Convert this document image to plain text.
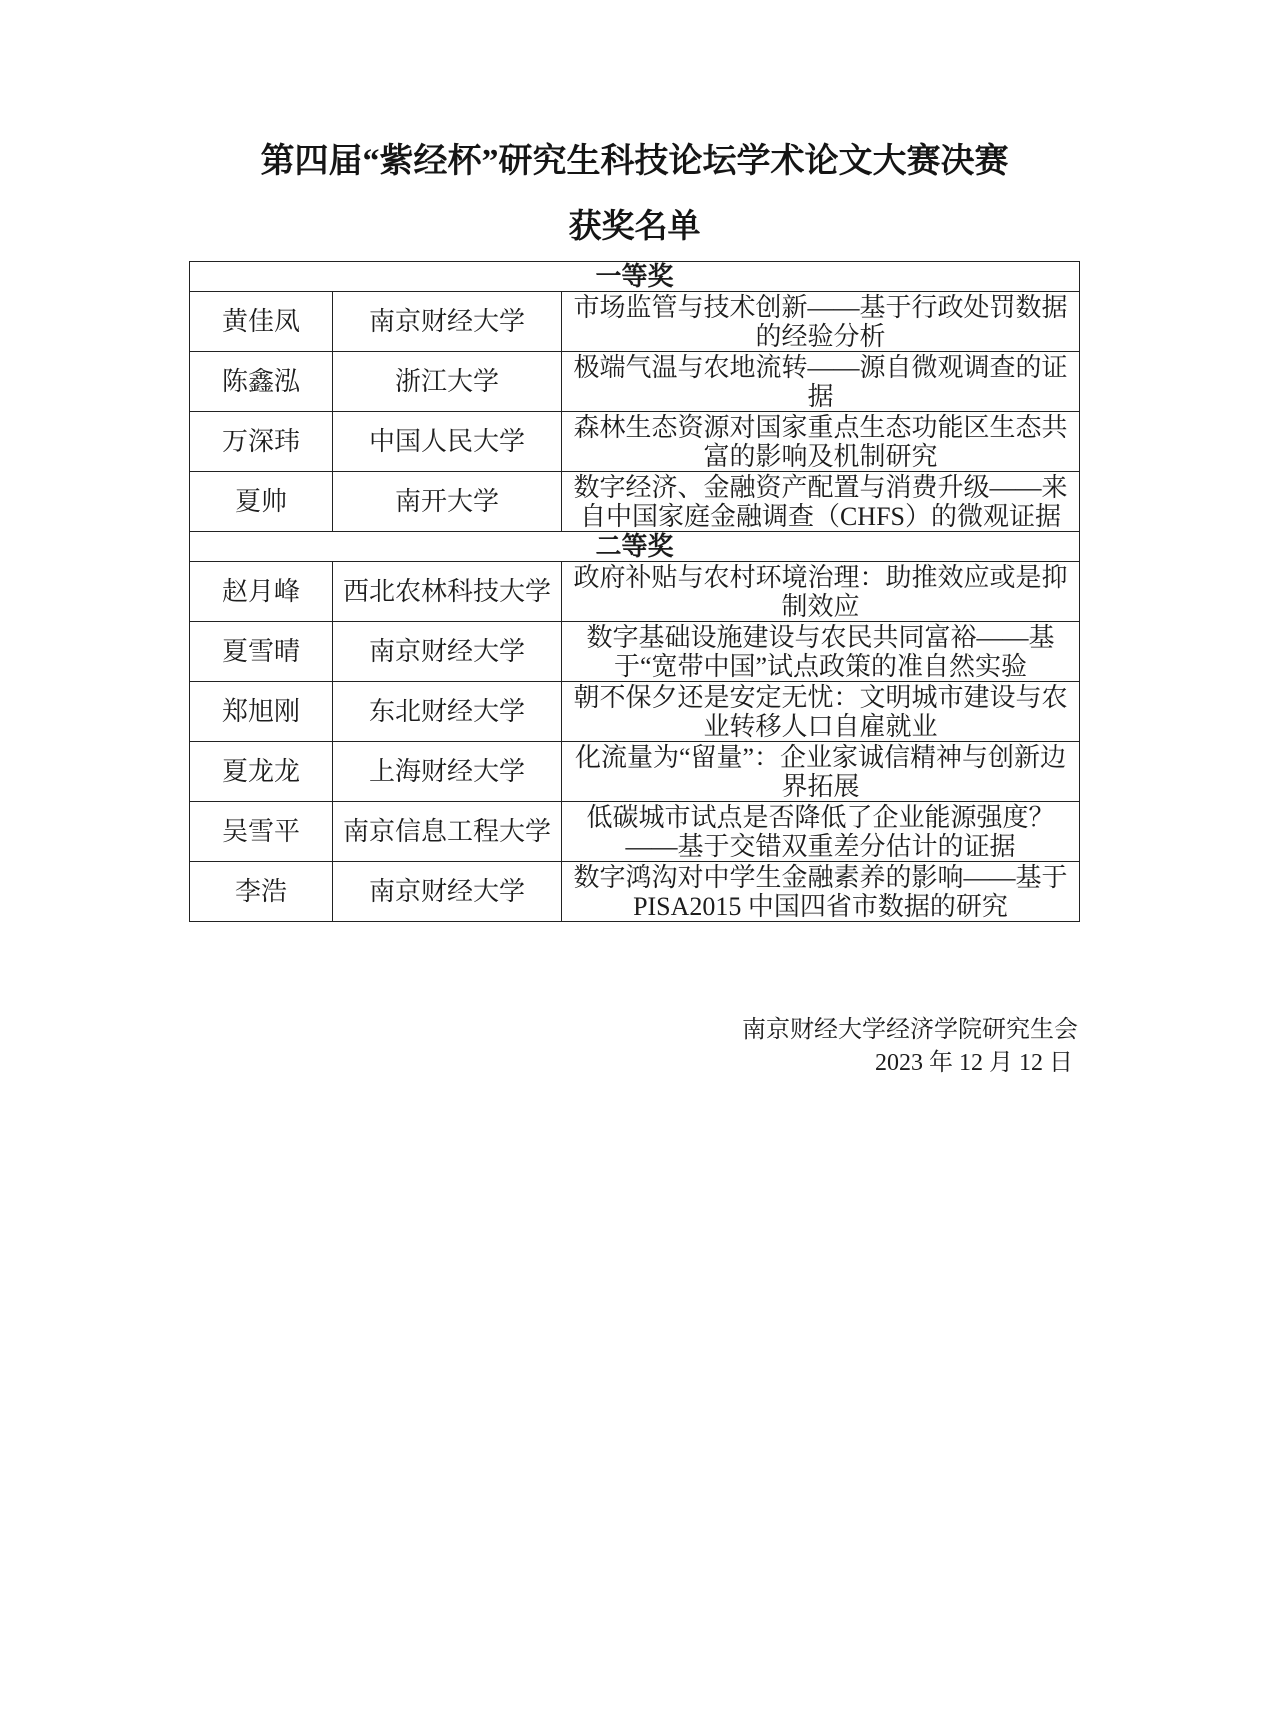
第四届“紫经杯”研究生科技论坛学术论文大赛决赛
获奖名单
一等奖		
黄佳凤	南京财经大学	市场监管与技术创新——基于行政处罚数据的经验分析
陈鑫泓	浙江大学	极端气温与农地流转——源自微观调查的证据
万深玮	中国人民大学	森林生态资源对国家重点生态功能区生态共富的影响及机制研究
夏帅	南开大学	数字经济、金融资产配置与消费升级——来自中国家庭金融调查（CHFS）的微观证据
二等奖		
赵月峰	西北农林科技大学	政府补贴与农村环境治理：助推效应或是抑制效应
夏雪晴	南京财经大学	数字基础设施建设与农民共同富裕——基于“宽带中国”试点政策的准自然实验
郑旭刚	东北财经大学	朝不保夕还是安定无忧：文明城市建设与农业转移人口自雇就业
夏龙龙	上海财经大学	化流量为“留量”：企业家诚信精神与创新边界拓展
吴雪平	南京信息工程大学	低碳城市试点是否降低了企业能源强度？——基于交错双重差分估计的证据
李浩	南京财经大学	数字鸿沟对中学生金融素养的影响——基于PISA2015 中国四省市数据的研究
南京财经大学经济学院研究生会
2023 年 12 月 12 日
